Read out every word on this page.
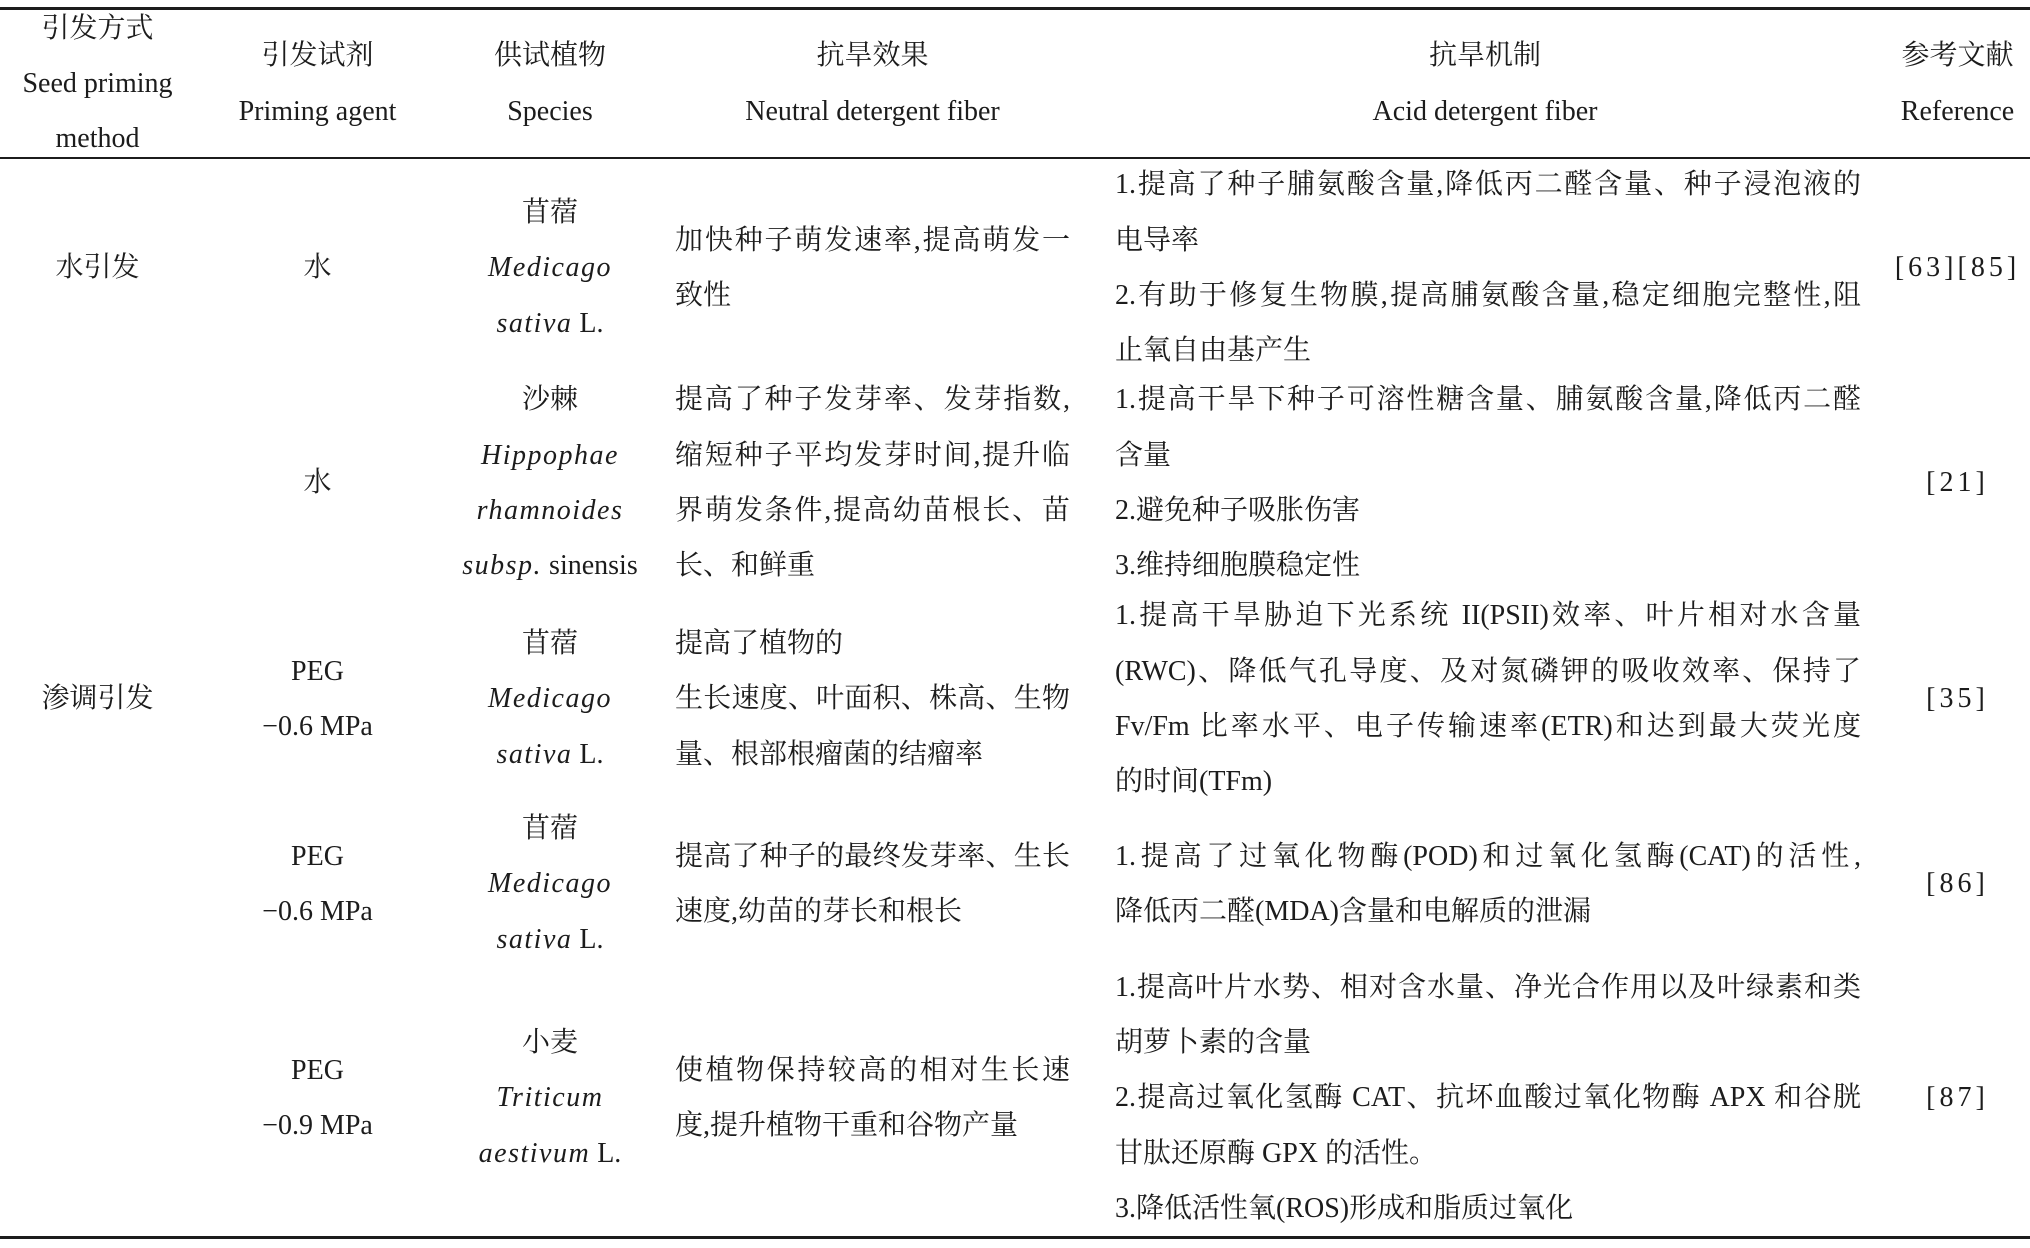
引发方式
Seed priming method
引发试剂
Priming agent
供试植物
Species
抗旱效果
Neutral detergent fiber
抗旱机制
Acid detergent fiber
参考文献
Reference
水引发	水
苜蓿
Medicago
sativa L.
加快种子萌发速率,提高萌发一
致性
1.提高了种子脯氨酸含量,降低丙二醛含量、种子浸泡液的
电导率
2.有助于修复生物膜,提高脯氨酸含量,稳定细胞完整性,阻
止氧自由基产生
[63][85]
水
沙棘
Hippophae
rhamnoides
subsp. sinensis
提高了种子发芽率、发芽指数,
缩短种子平均发芽时间,提升临
界萌发条件,提高幼苗根长、苗
长、和鲜重
1.提高干旱下种子可溶性糖含量、脯氨酸含量,降低丙二醛
含量
2.避免种子吸胀伤害
3.维持细胞膜稳定性
[21]
渗调引发
PEG
−0.6 MPa
苜蓿
Medicago
sativa L.
提高了植物的
生长速度、叶面积、株高、生物
量、根部根瘤菌的结瘤率
1.提高干旱胁迫下光系统 II(PSII)效率、叶片相对水含量
(RWC)、降低气孔导度、及对氮磷钾的吸收效率、保持了
Fv/Fm 比率水平、电子传输速率(ETR)和达到最大荧光度
的时间(TFm)
[35]
PEG
−0.6 MPa
苜蓿
Medicago
sativa L.
提高了种子的最终发芽率、生长
速度,幼苗的芽长和根长
1.提高了过氧化物酶(POD)和过氧化氢酶(CAT)的活性,
降低丙二醛(MDA)含量和电解质的泄漏
[86]
PEG
−0.9 MPa
小麦
Triticum
aestivum L.
使植物保持较高的相对生长速
度,提升植物干重和谷物产量
1.提高叶片水势、相对含水量、净光合作用以及叶绿素和类
胡萝卜素的含量
2.提高过氧化氢酶 CAT、抗坏血酸过氧化物酶 APX 和谷胱
甘肽还原酶 GPX 的活性。
3.降低活性氧(ROS)形成和脂质过氧化
[87]
